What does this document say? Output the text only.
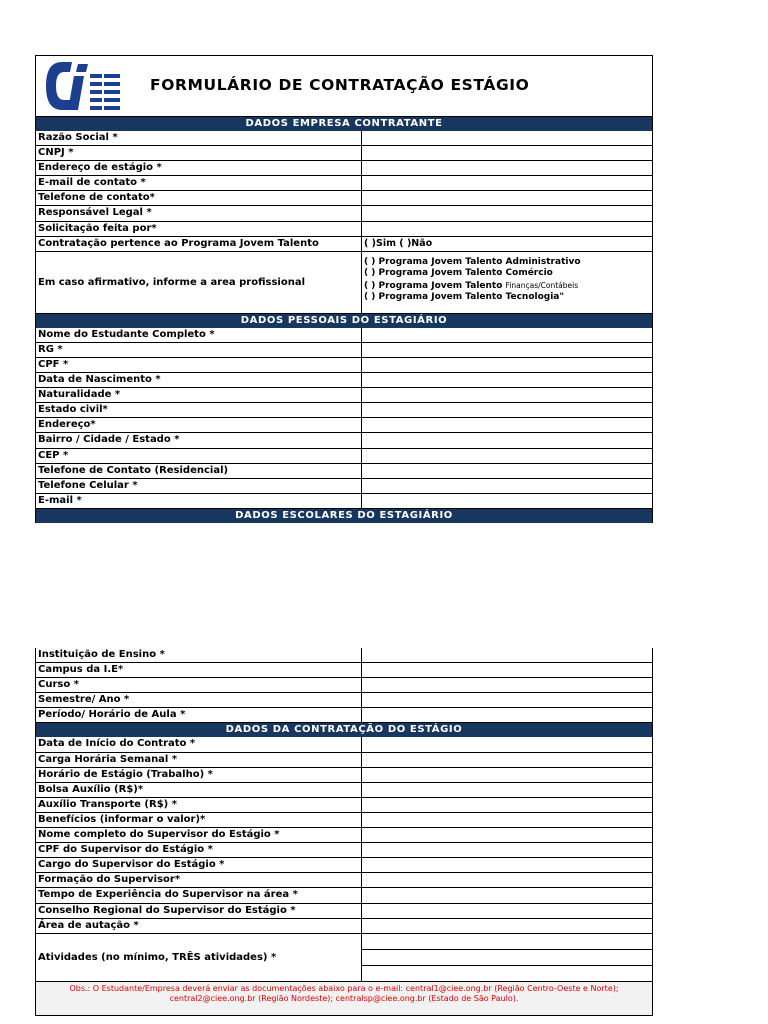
FORMULÁRIO DE CONTRATAÇÃO ESTÁGIO
DADOS EMPRESA CONTRATANTE
Razão Social *
CNPJ *
Endereço de estágio *
E-mail de contato *
Telefone de contato*
Responsável Legal *
Solicitação feita por*
Contratação pertence ao Programa Jovem Talento	( )Sim ( )Não
Em caso afirmativo, informe a area profissional
( ) Programa Jovem Talento Administrativo
( ) Programa Jovem Talento Comércio
( ) Programa Jovem Talento Finanças/Contábeis
( ) Programa Jovem Talento Tecnologia"
DADOS PESSOAIS DO ESTAGIÁRIO
Nome do Estudante Completo *
RG *
CPF *
Data de Nascimento *
Naturalidade *
Estado civil*
Endereço*
Bairro / Cidade / Estado *
CEP *
Telefone de Contato (Residencial)
Telefone Celular *
E-mail *
DADOS ESCOLARES DO ESTAGIÁRIO
Instituição de Ensino *
Campus da I.E*
Curso *
Semestre/ Ano *
Período/ Horário de Aula *
DADOS DA CONTRATAÇÃO DO ESTÁGIO
Data de Início do Contrato *
Carga Horária Semanal *
Horário de Estágio (Trabalho) *
Bolsa Auxílio (R$)*
Auxílio Transporte (R$) *
Benefícios (informar o valor)*
Nome completo do Supervisor do Estágio *
CPF do Supervisor do Estágio *
Cargo do Supervisor do Estágio *
Formação do Supervisor*
Tempo de Experiência do Supervisor na área *
Conselho Regional do Supervisor do Estágio *
Área de autação *
Atividades (no mínimo, TRÊS atividades) *
Obs.: O Estudante/Empresa deverá enviar as documentações abaixo para o e-mail: central1@ciee.ong.br (Região Centro-Oeste e Norte); central2@ciee.ong.br (Região Nordeste); centralsp@ciee.ong.br (Estado de São Paulo).
